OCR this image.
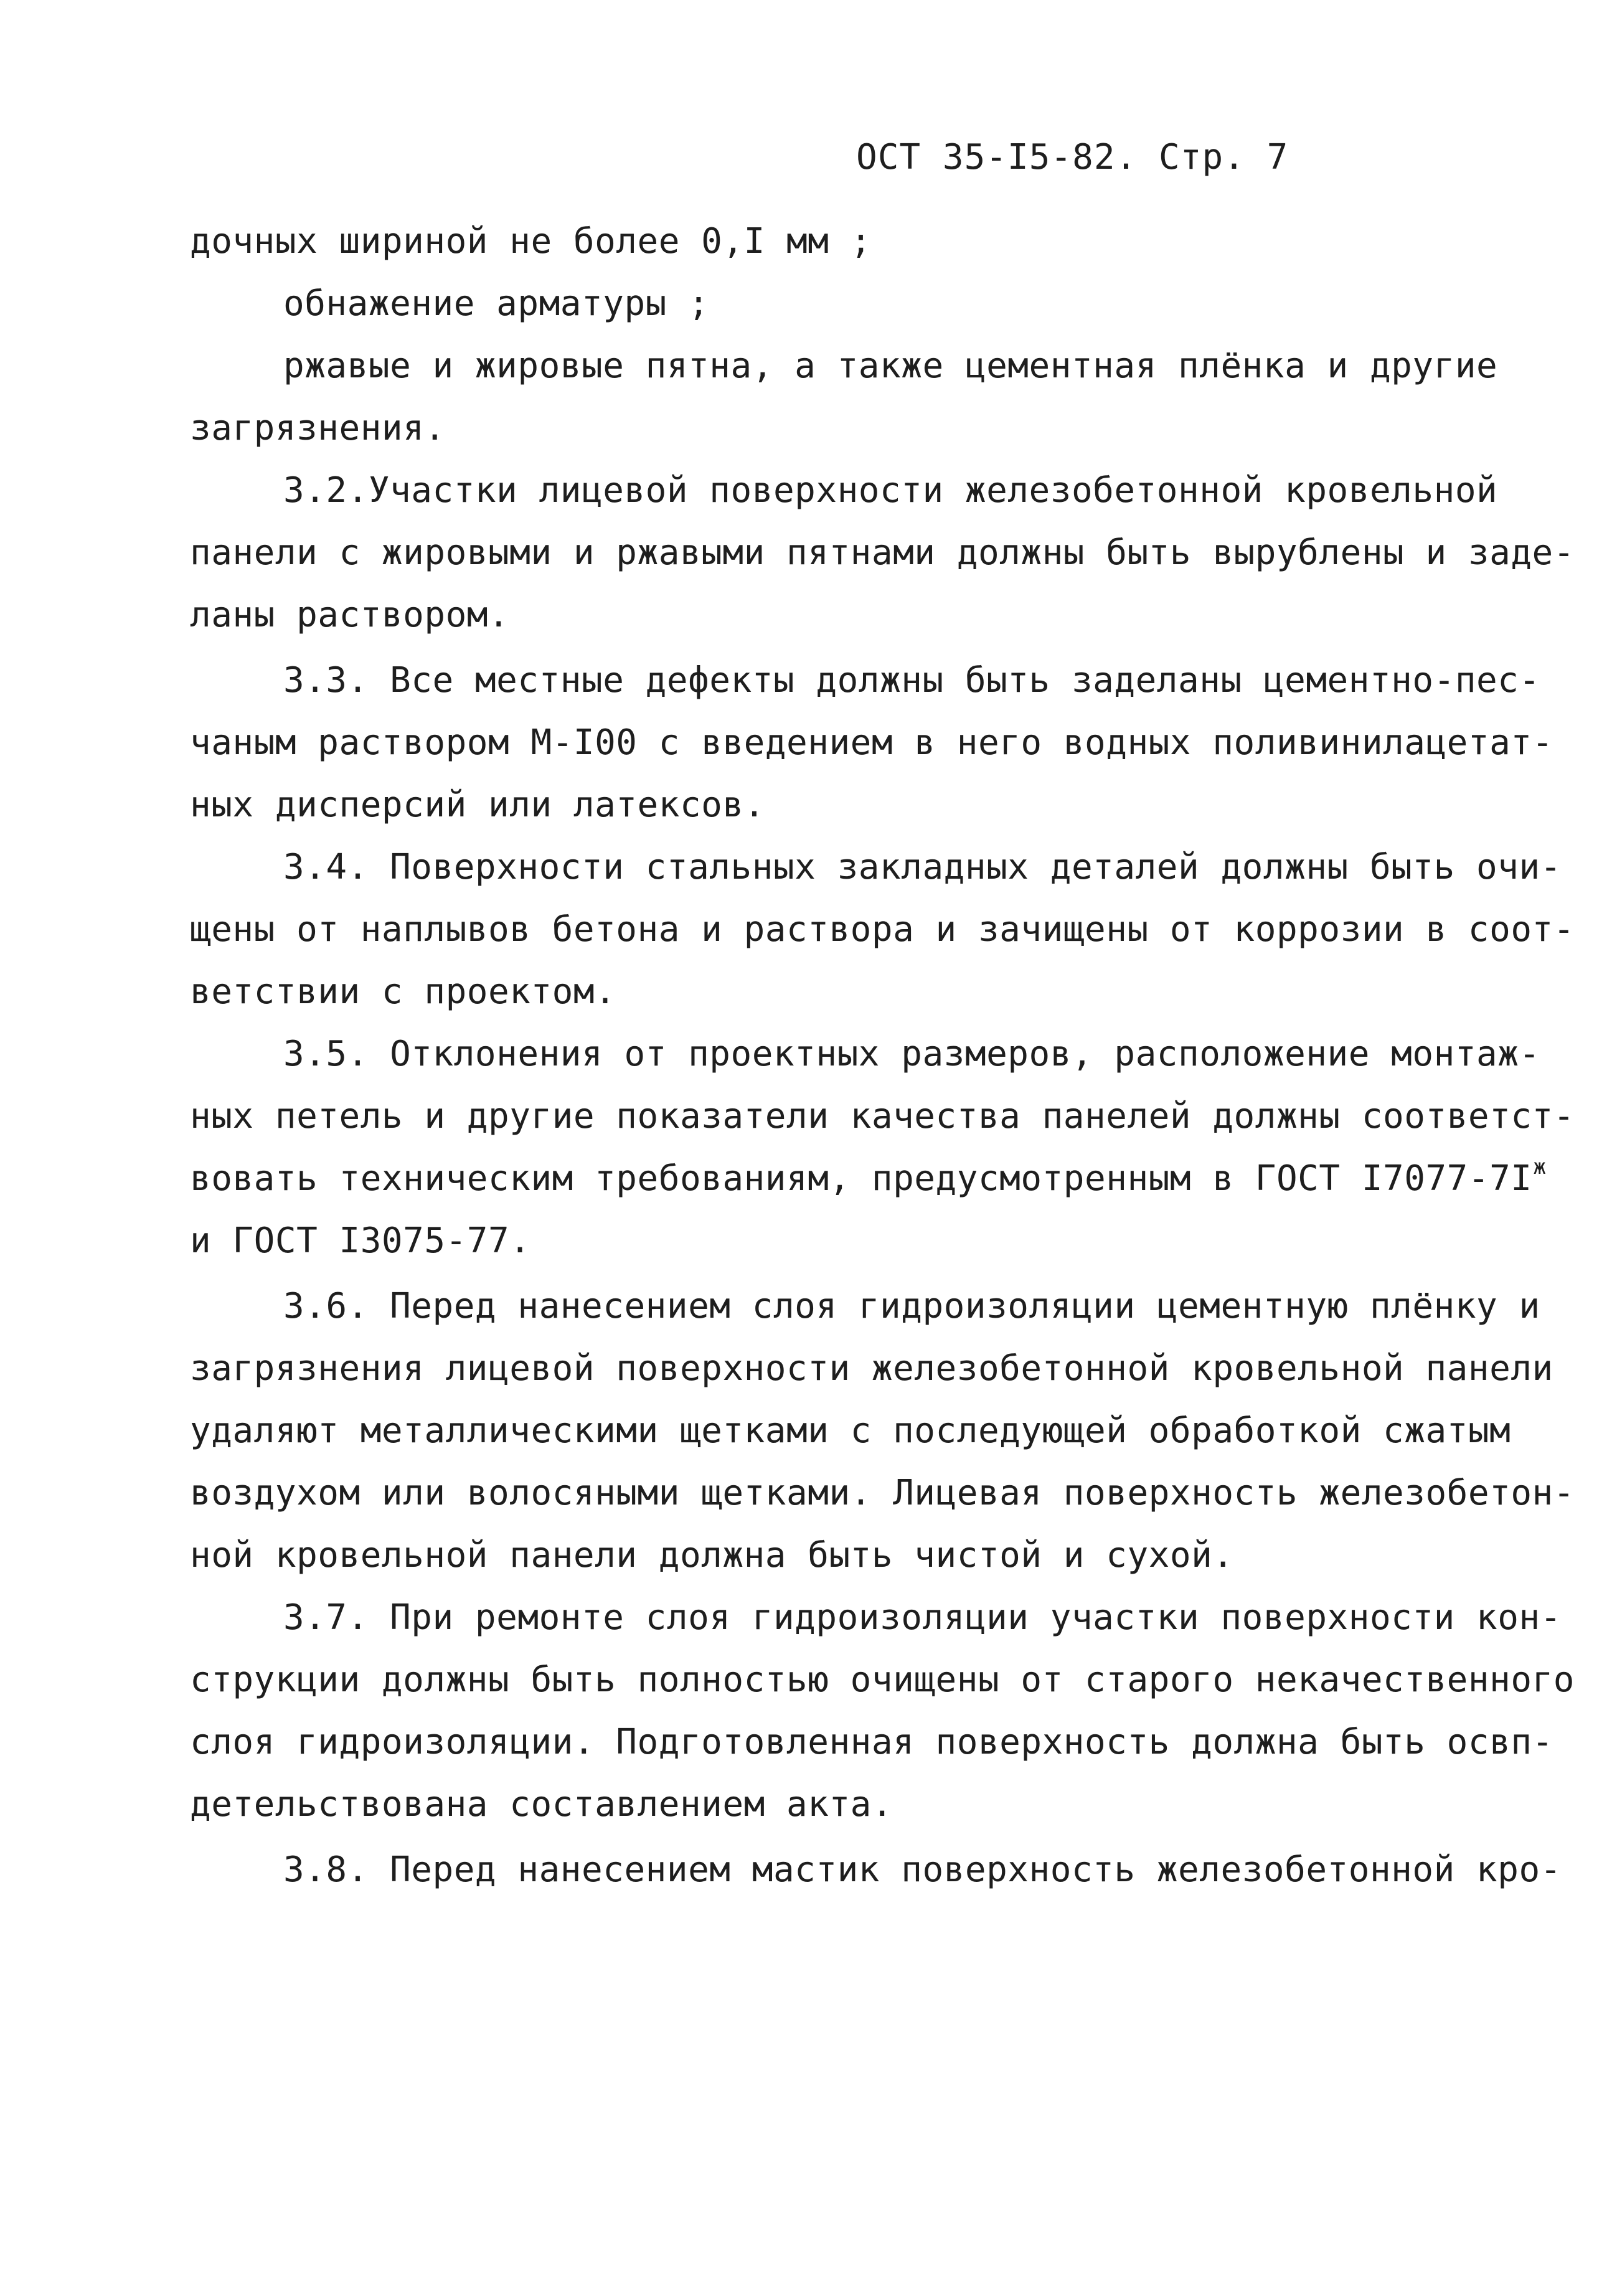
ОСТ 35-I5-82. Стр. 7
дочных шириной не более 0,I мм ;
обнажение арматуры ;
ржавые и жировые пятна, а также цементная плёнка и другие
загрязнения.
3.2.Участки лицевой поверхности железобетонной кровельной
панели с жировыми и ржавыми пятнами должны быть вырублены и заде-
ланы раствором.
3.3. Все местные дефекты должны быть заделаны цементно-пес-
чаным раствором М-I00 с введением в него водных поливинилацетат-
ных дисперсий или латексов.
3.4. Поверхности стальных закладных деталей должны быть очи-
щены от наплывов бетона и раствора и зачищены от коррозии в соот-
ветствии с проектом.
3.5. Отклонения от проектных размеров, расположение монтаж-
ных петель и другие показатели качества панелей должны соответст-
вовать техническим требованиям, предусмотренным в ГОСТ $I7077-7I^ж$
и ГОСТ I3075-77.
3.6. Перед нанесением слоя гидроизоляции цементную плёнку и
загрязнения лицевой поверхности железобетонной кровельной панели
удаляют металлическими щетками с последующей обработкой сжатым
воздухом или волосяными щетками. Лицевая поверхность железобетон-
ной кровельной панели должна быть чистой и сухой.
3.7. При ремонте слоя гидроизоляции участки поверхности кон-
струкции должны быть полностью очищены от старого некачественного
слоя гидроизоляции. Подготовленная поверхность должна быть освп-
детельствована составлением акта.
3.8. Перед нанесением мастик поверхность железобетонной кро-
